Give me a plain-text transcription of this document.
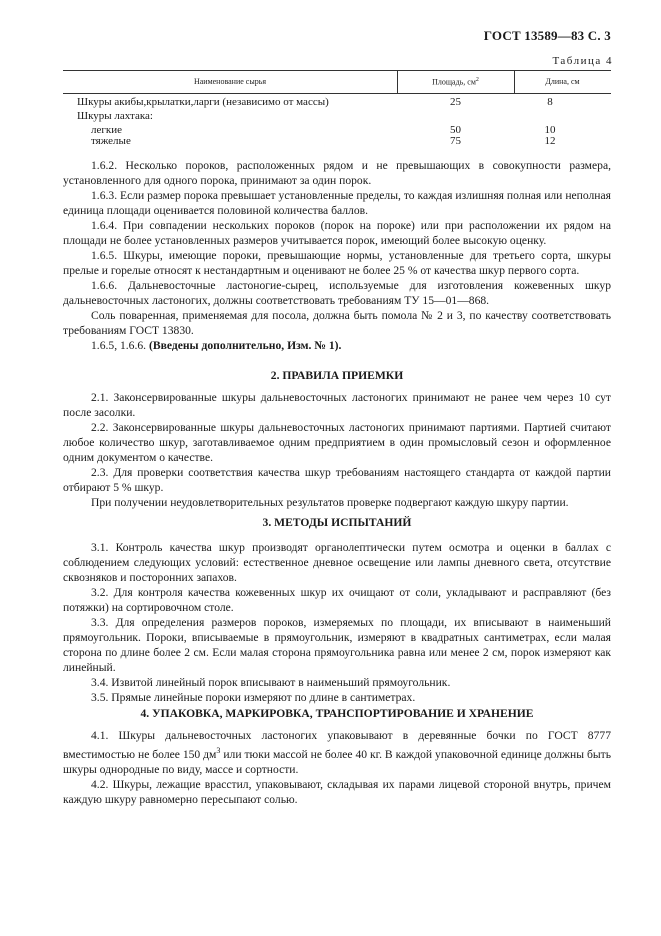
ГОСТ 13589—83 С. 3
Таблица 4
Наименование сырья	Площадь, $см^2$	Длина, см
Шкуры акибы,крылатки,ларги (независимо от массы)	25	8
Шкуры лахтака:
легкие	50	10
тяжелые	75	12

1.6.2. Несколько пороков, расположенных рядом и не превышающих в совокупности размера, установленного для одного порока, принимают за один порок.

1.6.3. Если размер порока превышает установленные пределы, то каждая излишняя полная или неполная единица площади оценивается половиной количества баллов.

1.6.4. При совпадении нескольких пороков (порок на пороке) или при расположении их рядом на площади не более установленных размеров учитывается порок, имеющий более высокую оценку.

1.6.5. Шкуры, имеющие пороки, превышающие нормы, установленные для третьего сорта, шкуры прелые и горелые относят к нестандартным и оценивают не более 25 % от качества шкур первого сорта.

1.6.6. Дальневосточные ластоногие-сырец, используемые для изготовления кожевенных шкур дальневосточных ластоногих, должны соответствовать требованиям ТУ 15—01—868.

Соль поваренная, применяемая для посола, должна быть помола № 2 и 3, по качеству соответствовать требованиям ГОСТ 13830.

1.6.5, 1.6.6. (Введены дополнительно, Изм. № 1).

2. ПРАВИЛА ПРИЕМКИ

2.1. Законсервированные шкуры дальневосточных ластоногих принимают не ранее чем через 10 сут после засолки.

2.2. Законсервированные шкуры дальневосточных ластоногих принимают партиями. Партией считают любое количество шкур, заготавливаемое одним предприятием в один промысловый сезон и оформленное одним документом о качестве.

2.3. Для проверки соответствия качества шкур требованиям настоящего стандарта от каждой партии отбирают 5 % шкур.

При получении неудовлетворительных результатов проверке подвергают каждую шкуру партии.

3. МЕТОДЫ ИСПЫТАНИЙ

3.1. Контроль качества шкур производят органолептически путем осмотра и оценки в баллах с соблюдением следующих условий: естественное дневное освещение или лампы дневного света, отсутствие сквозняков и посторонних запахов.

3.2. Для контроля качества кожевенных шкур их очищают от соли, укладывают и расправляют (без потяжки) на сортировочном столе.

3.3. Для определения размеров пороков, измеряемых по площади, их вписывают в наименьший прямоугольник. Пороки, вписываемые в прямоугольник, измеряют в квадратных сантиметрах, если малая сторона по длине более 2 см. Если малая сторона прямоугольника равна или менее 2 см, порок измеряют как линейный.

3.4. Извитой линейный порок вписывают в наименьший прямоугольник.

3.5. Прямые линейные пороки измеряют по длине в сантиметрах.

4. УПАКОВКА, МАРКИРОВКА, ТРАНСПОРТИРОВАНИЕ И ХРАНЕНИЕ

4.1. Шкуры дальневосточных ластоногих упаковывают в деревянные бочки по ГОСТ 8777 вместимостью не более 150 $дм^3$ или тюки массой не более 40 кг. В каждой упаковочной единице должны быть шкуры однородные по виду, массе и сортности.

4.2. Шкуры, лежащие врасстил, упаковывают, складывая их парами лицевой стороной внутрь, причем каждую шкуру равномерно пересыпают солью.
